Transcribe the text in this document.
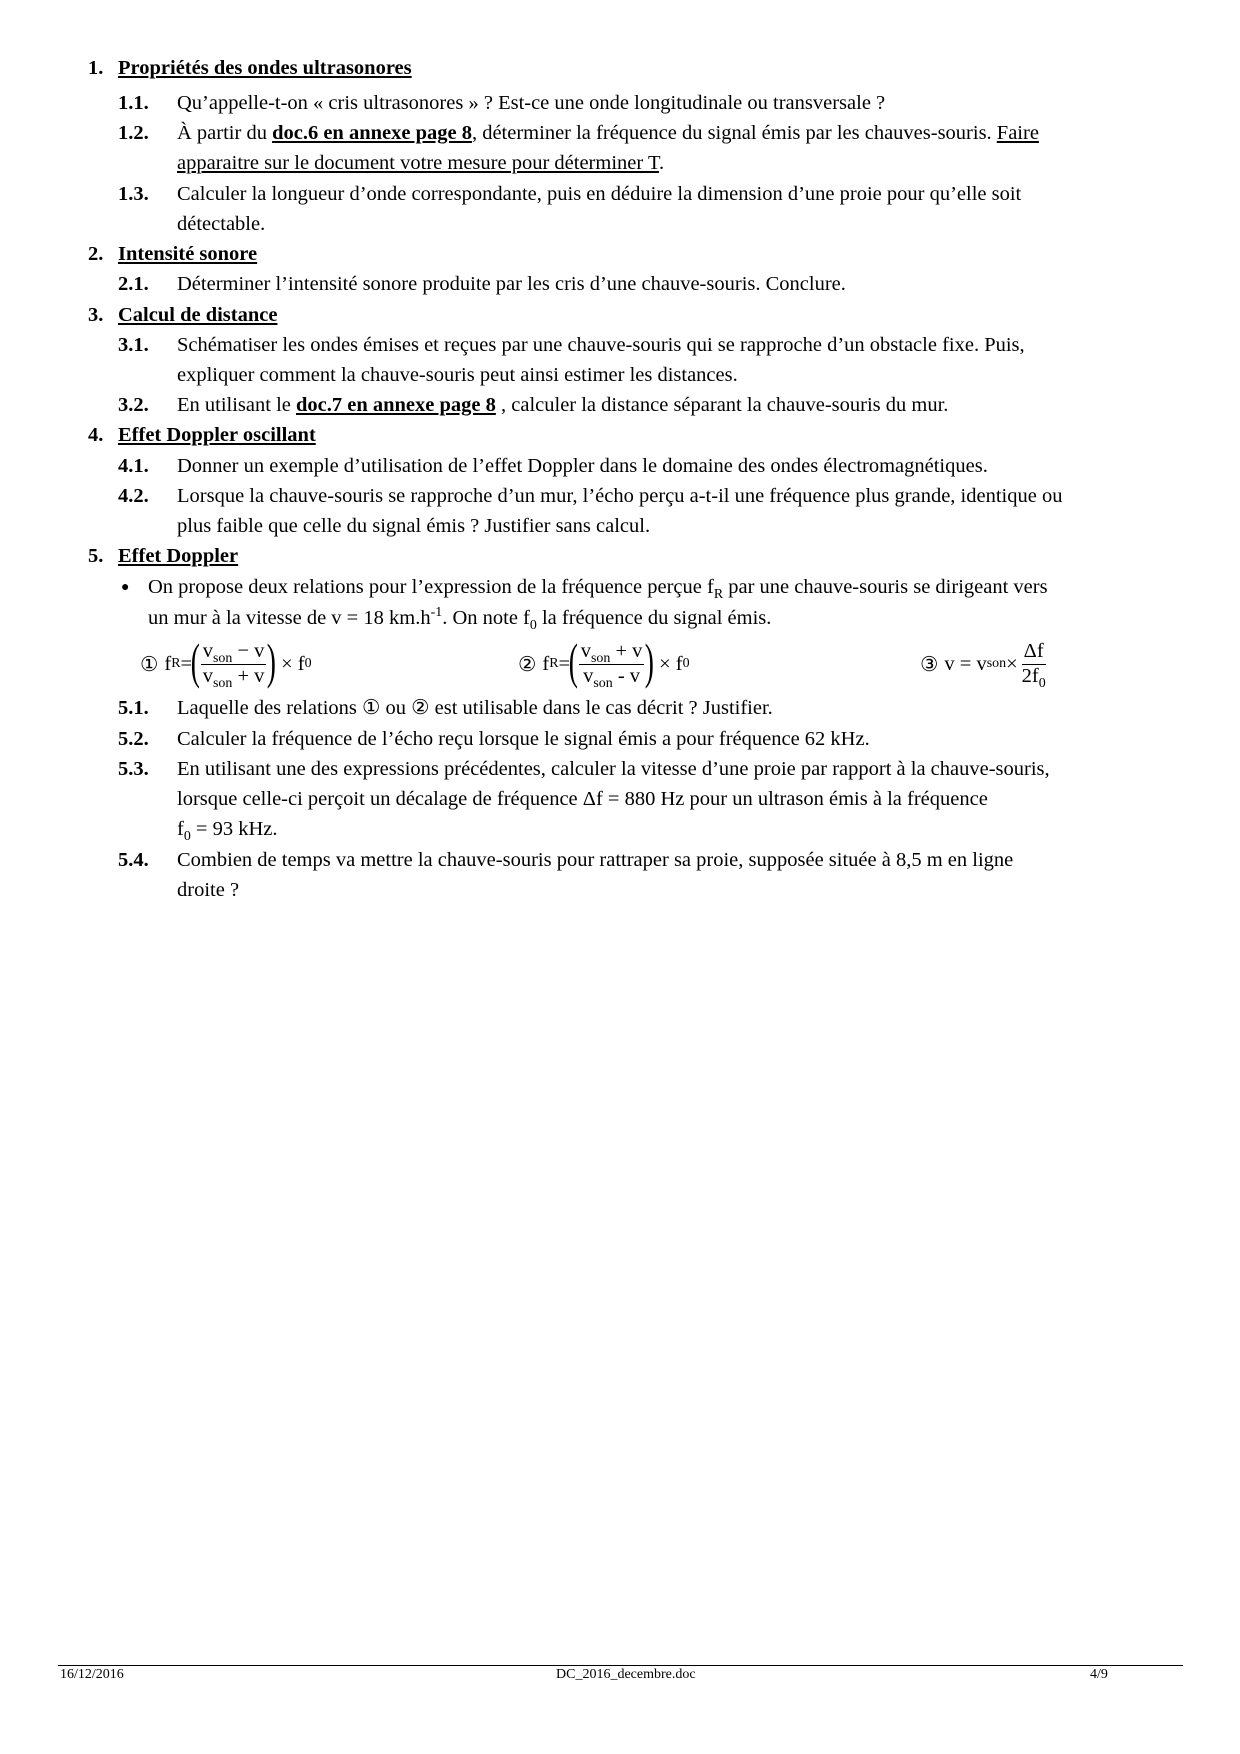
1. Propriétés des ondes ultrasonores
1.1. Qu’appelle-t-on « cris ultrasonores » ? Est-ce une onde longitudinale ou transversale ?
1.2. À partir du doc.6 en annexe page 8, déterminer la fréquence du signal émis par les chauves-souris. Faire
apparaitre sur le document votre mesure pour déterminer T.
1.3. Calculer la longueur d’onde correspondante, puis en déduire la dimension d’une proie pour qu’elle soit
détectable.
2. Intensité sonore
2.1. Déterminer l’intensité sonore produite par les cris d’une chauve-souris. Conclure.
3. Calcul de distance
3.1. Schématiser les ondes émises et reçues par une chauve-souris qui se rapproche d’un obstacle fixe. Puis,
expliquer comment la chauve-souris peut ainsi estimer les distances.
3.2. En utilisant le doc.7 en annexe page 8 , calculer la distance séparant la chauve-souris du mur.
4. Effet Doppler oscillant
4.1. Donner un exemple d’utilisation de l’effet Doppler dans le domaine des ondes électromagnétiques.
4.2. Lorsque la chauve-souris se rapproche d’un mur, l’écho perçu a-t-il une fréquence plus grande, identique ou
plus faible que celle du signal émis ? Justifier sans calcul.
5. Effet Doppler
● On propose deux relations pour l’expression de la fréquence perçue $f_R$ par une chauve-souris se dirigeant vers
un mur à la vitesse de v = 18 $km.h^{-1}$. On note $f_0$ la fréquence du signal émis.
① f R =
( $\frac{v_{son} - v}{v_{son} + v}$ ) × f 0	② f R =
( $\frac{v_{son} + v}{v_{son} - v}$ ) × f 0	③ v = v son × $\frac{\Delta f}{2f_0}$
5.1. Laquelle des relations ① ou ② est utilisable dans le cas décrit ? Justifier.
5.2. Calculer la fréquence de l’écho reçu lorsque le signal émis a pour fréquence 62 kHz.
5.3. En utilisant une des expressions précédentes, calculer la vitesse d’une proie par rapport à la chauve-souris,
lorsque celle-ci perçoit un décalage de fréquence Δf = 880 Hz pour un ultrason émis à la fréquence
$f_0 = 93$ kHz.
5.4. Combien de temps va mettre la chauve-souris pour rattraper sa proie, supposée située à 8,5 m en ligne
droite ?
16/12/2016	DC_2016_decembre.doc	4/9
